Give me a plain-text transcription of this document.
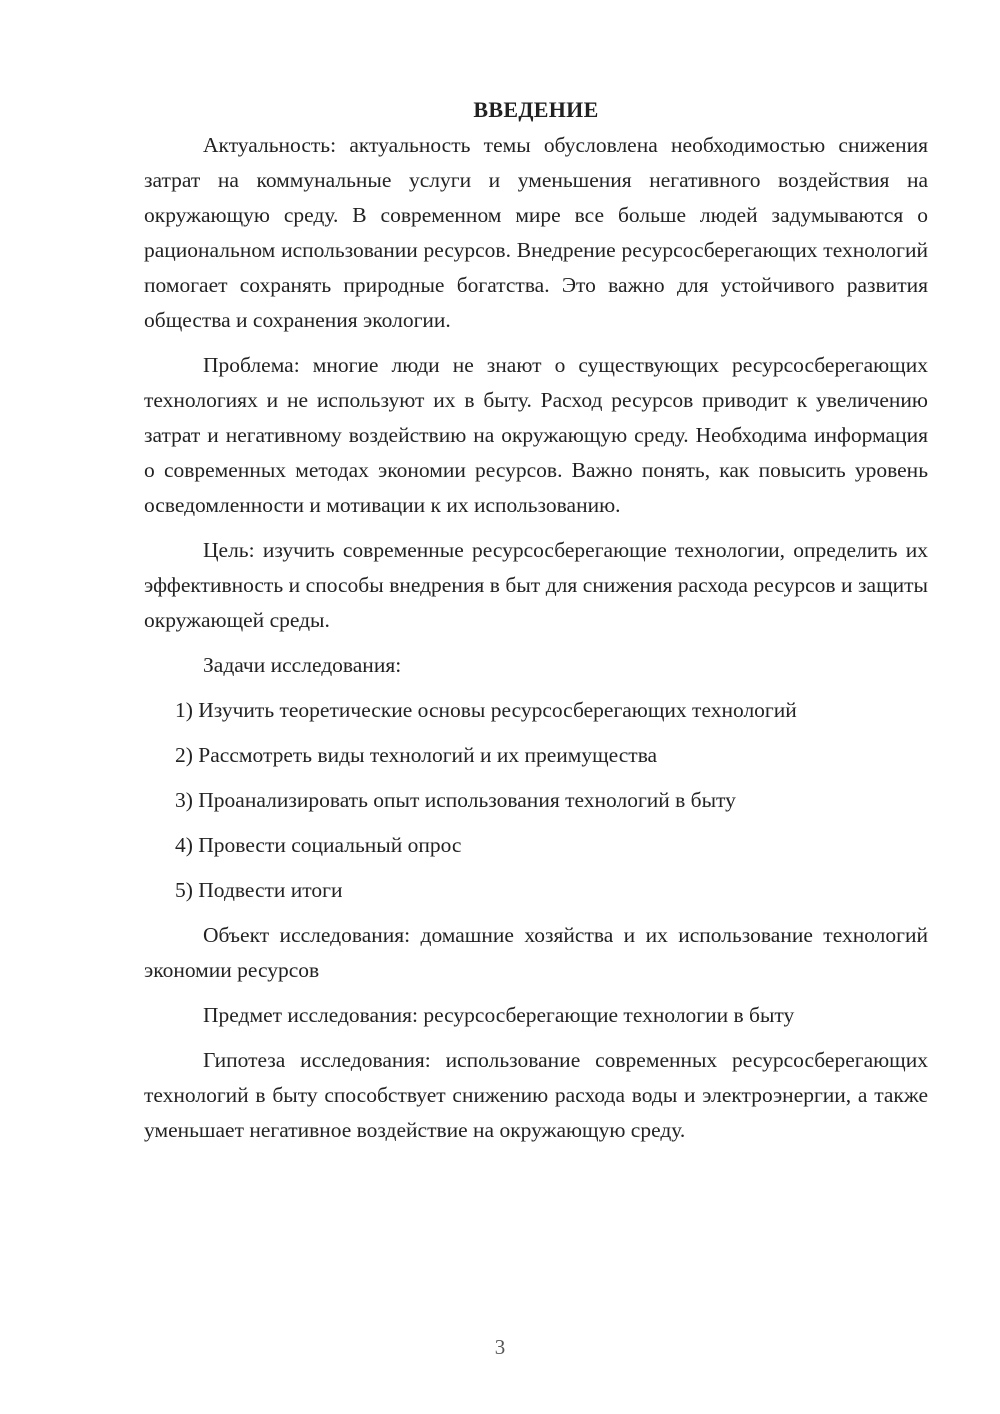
ВВЕДЕНИЕ

Актуальность: актуальность темы обусловлена необходимостью снижения затрат на коммунальные услуги и уменьшения негативного воздействия на окружающую среду. В современном мире все больше людей задумываются о рациональном использовании ресурсов. Внедрение ресурсосберегающих технологий помогает сохранять природные богатства. Это важно для устойчивого развития общества и сохранения экологии.

Проблема: многие люди не знают о существующих ресурсосберегающих технологиях и не используют их в быту. Расход ресурсов приводит к увеличению затрат и негативному воздействию на окружающую среду. Необходима информация о современных методах экономии ресурсов. Важно понять, как повысить уровень осведомленности и мотивации к их использованию.

Цель: изучить современные ресурсосберегающие технологии, определить их эффективность и способы внедрения в быт для снижения расхода ресурсов и защиты окружающей среды.

Задачи исследования:

1) Изучить теоретические основы ресурсосберегающих технологий
2) Рассмотреть виды технологий и их преимущества
3) Проанализировать опыт использования технологий в быту
4) Провести социальный опрос
5) Подвести итоги

Объект исследования: домашние хозяйства и их использование технологий экономии ресурсов

Предмет исследования: ресурсосберегающие технологии в быту

Гипотеза исследования: использование современных ресурсосберегающих технологий в быту способствует снижению расхода воды и электроэнергии, а также уменьшает негативное воздействие на окружающую среду.

3
